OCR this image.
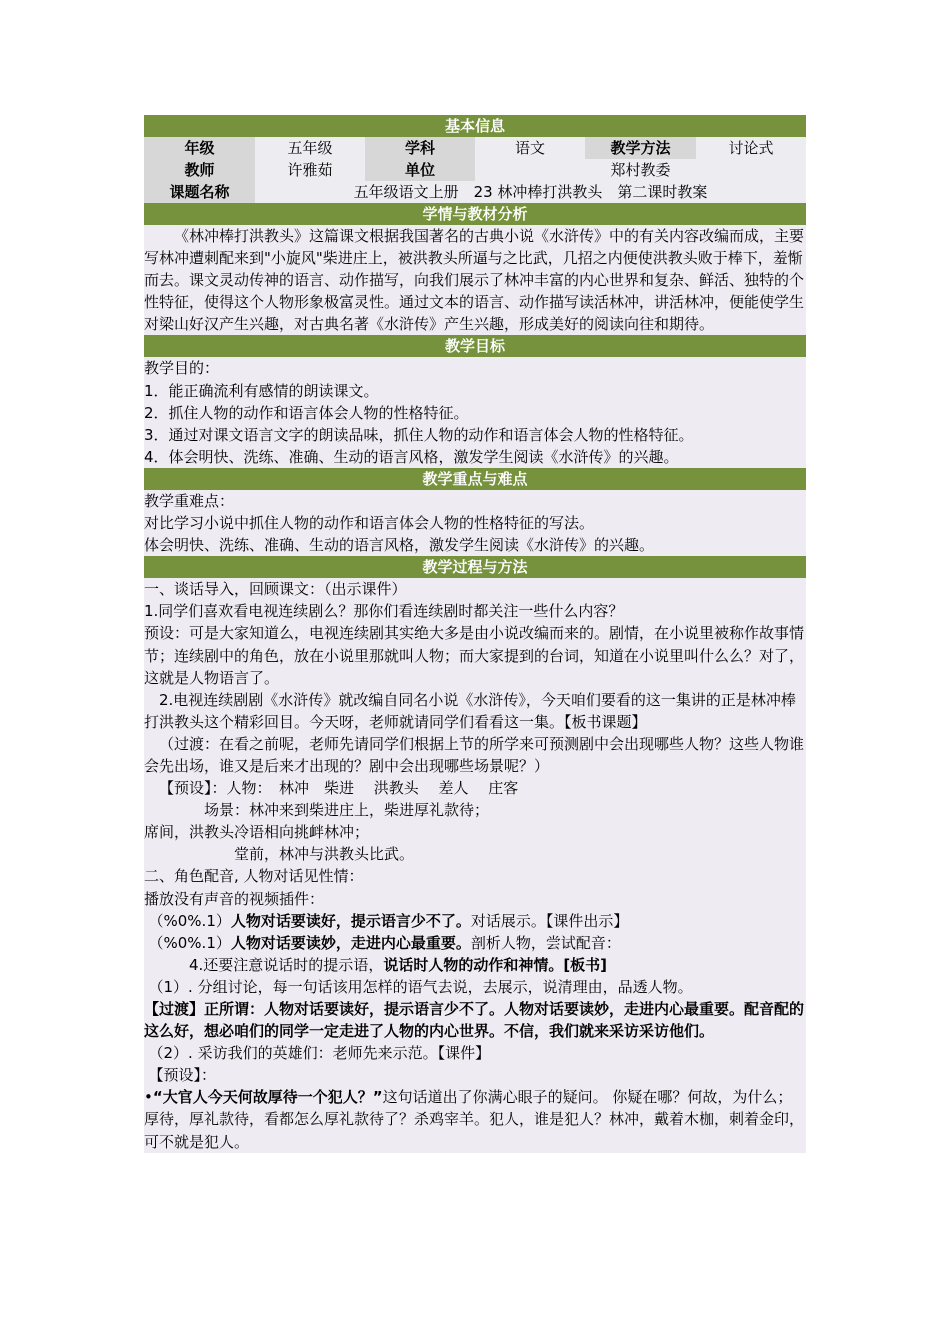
基本信息
年级	五年级	学科	语文	教学方法	讨论式
教师	许雅茹	单位	郑村教委
课题名称	五年级语文上册　23 林冲棒打洪教头　第二课时教案
学情与教材分析

《林冲棒打洪教头》这篇课文根据我国著名的古典小说《水浒传》中的有关内容改编而成，主要写林冲遭刺配来到"小旋风"柴进庄上，被洪教头所逼与之比武，几招之内便使洪教头败于棒下，羞惭而去。课文灵动传神的语言、动作描写，向我们展示了林冲丰富的内心世界和复杂、鲜活、独特的个性特征，使得这个人物形象极富灵性。通过文本的语言、动作描写读活林冲，讲活林冲，便能使学生对梁山好汉产生兴趣，对古典名著《水浒传》产生兴趣，形成美好的阅读向往和期待。

教学目标

教学目的：

1．能正确流利有感情的朗读课文。

2．抓住人物的动作和语言体会人物的性格特征。

3．通过对课文语言文字的朗读品味，抓住人物的动作和语言体会人物的性格特征。

4．体会明快、洗练、准确、生动的语言风格，激发学生阅读《水浒传》的兴趣。

教学重点与难点

教学重难点：

对比学习小说中抓住人物的动作和语言体会人物的性格特征的写法。

体会明快、洗练、准确、生动的语言风格，激发学生阅读《水浒传》的兴趣。

教学过程与方法

一、谈话导入，回顾课文：（出示课件）

1.同学们喜欢看电视连续剧么？那你们看连续剧时都关注一些什么内容？

预设：可是大家知道么，电视连续剧其实绝大多是由小说改编而来的。剧情，在小说里被称作故事情节；连续剧中的角色，放在小说里那就叫人物；而大家提到的台词，知道在小说里叫什么么？对了，这就是人物语言了。

2.电视连续剧剧《水浒传》就改编自同名小说《水浒传》，今天咱们要看的这一集讲的正是林冲棒打洪教头这个精彩回目。今天呀，老师就请同学们看看这一集。【板书课题】

（过渡：在看之前呢，老师先请同学们根据上节的所学来可预测剧中会出现哪些人物？这些人物谁会先出场，谁又是后来才出现的？剧中会出现哪些场景呢？）

【预设】：人物：　林冲　柴进　 洪教头　 差人　 庄客

场景：林冲来到柴进庄上，柴进厚礼款待；

席间，洪教头冷语相向挑衅林冲；

堂前，林冲与洪教头比武。

二、角色配音, 人物对话见性情：

播放没有声音的视频插件：

（%0%.1）人物对话要读好，提示语言少不了。对话展示。【课件出示】

（%0%.1）人物对话要读妙，走进内心最重要。剖析人物，尝试配音：

4.还要注意说话时的提示语，说话时人物的动作和神情。[板书]

（1）. 分组讨论，每一句话该用怎样的语气去说，去展示，说清理由，品透人物。

【过渡】正所谓：人物对话要读好，提示语言少不了。人物对话要读妙，走进内心最重要。配音配的这么好，想必咱们的同学一定走进了人物的内心世界。不信，我们就来采访采访他们。

（2）. 采访我们的英雄们：老师先来示范。【课件】

【预设】：

•“大官人今天何故厚待一个犯人？”这句话道出了你满心眼子的疑问。 你疑在哪？何故，为什么；厚待，厚礼款待，看都怎么厚礼款待了？杀鸡宰羊。犯人，谁是犯人？林冲，戴着木枷，刺着金印，可不就是犯人。
